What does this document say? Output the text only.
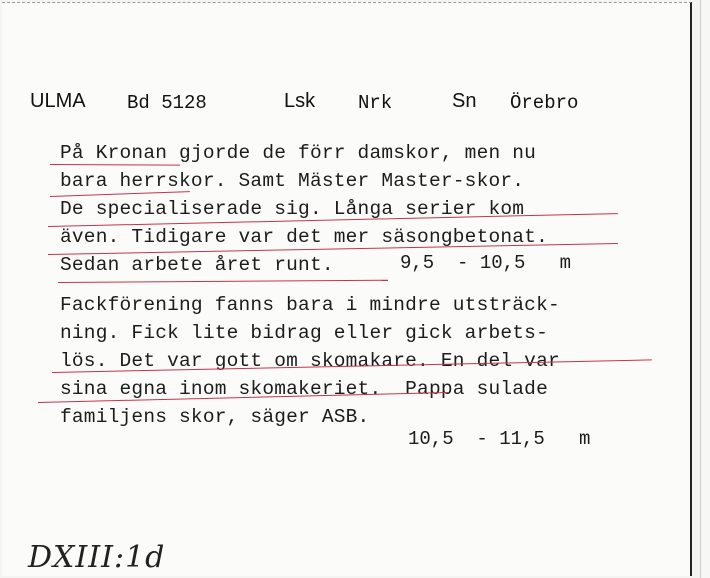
ULMA Bd 5128	Lsk Nrk	Sn Örebro
På Kronan gjorde de förr damskor, men nu
bara herrskor. Samt Mäster Master-skor.
De specialiserade sig. Långa serier kom
även. Tidigare var det mer säsongbetonat.
Sedan arbete året runt.	9,5  - 10,5   m
Fackförening fanns bara i mindre utsträck-
ning. Fick lite bidrag eller gick arbets-
lös. Det var gott om skomakare. En del var
sina egna inom skomakeriet.  Pappa sulade
familjens skor, säger ASB.
10,5  - 11,5   m
DXIII:1d
